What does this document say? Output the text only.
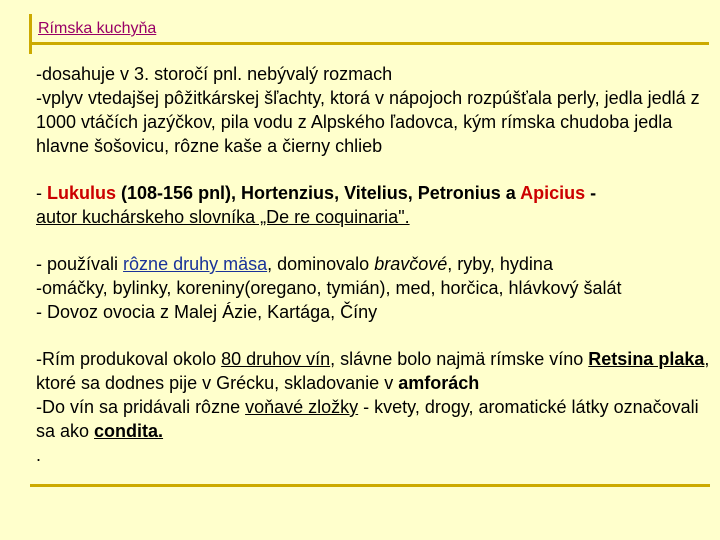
Rímska kuchyňa

-dosahuje v 3. storočí pnl. nebývalý rozmach

-vplyv vtedajšej pôžitkárskej šľachty, ktorá v nápojoch rozpúšťala perly, jedla jedlá z 1000 vtáčích jazýčkov, pila vodu z Alpského ľadovca, kým rímska chudoba jedla hlavne šošovicu, rôzne kaše a čierny chlieb

- Lukulus (108-156 pnl), Hortenzius, Vitelius, Petronius a Apicius -
autor kuchárskeho slovníka „De re coquinaria".

- používali rôzne druhy mäsa, dominovalo bravčové, ryby, hydina

-omáčky, bylinky, koreniny(oregano, tymián), med, horčica, hlávkový šalát

- Dovoz ovocia z Malej Ázie, Kartága, Číny

-Rím produkoval okolo 80 druhov vín, slávne bolo najmä rímske víno Retsina plaka, ktoré sa dodnes pije v Grécku, skladovanie v amforách

-Do vín sa pridávali rôzne voňavé zložky - kvety, drogy, aromatické látky označovali sa ako condita.

.
